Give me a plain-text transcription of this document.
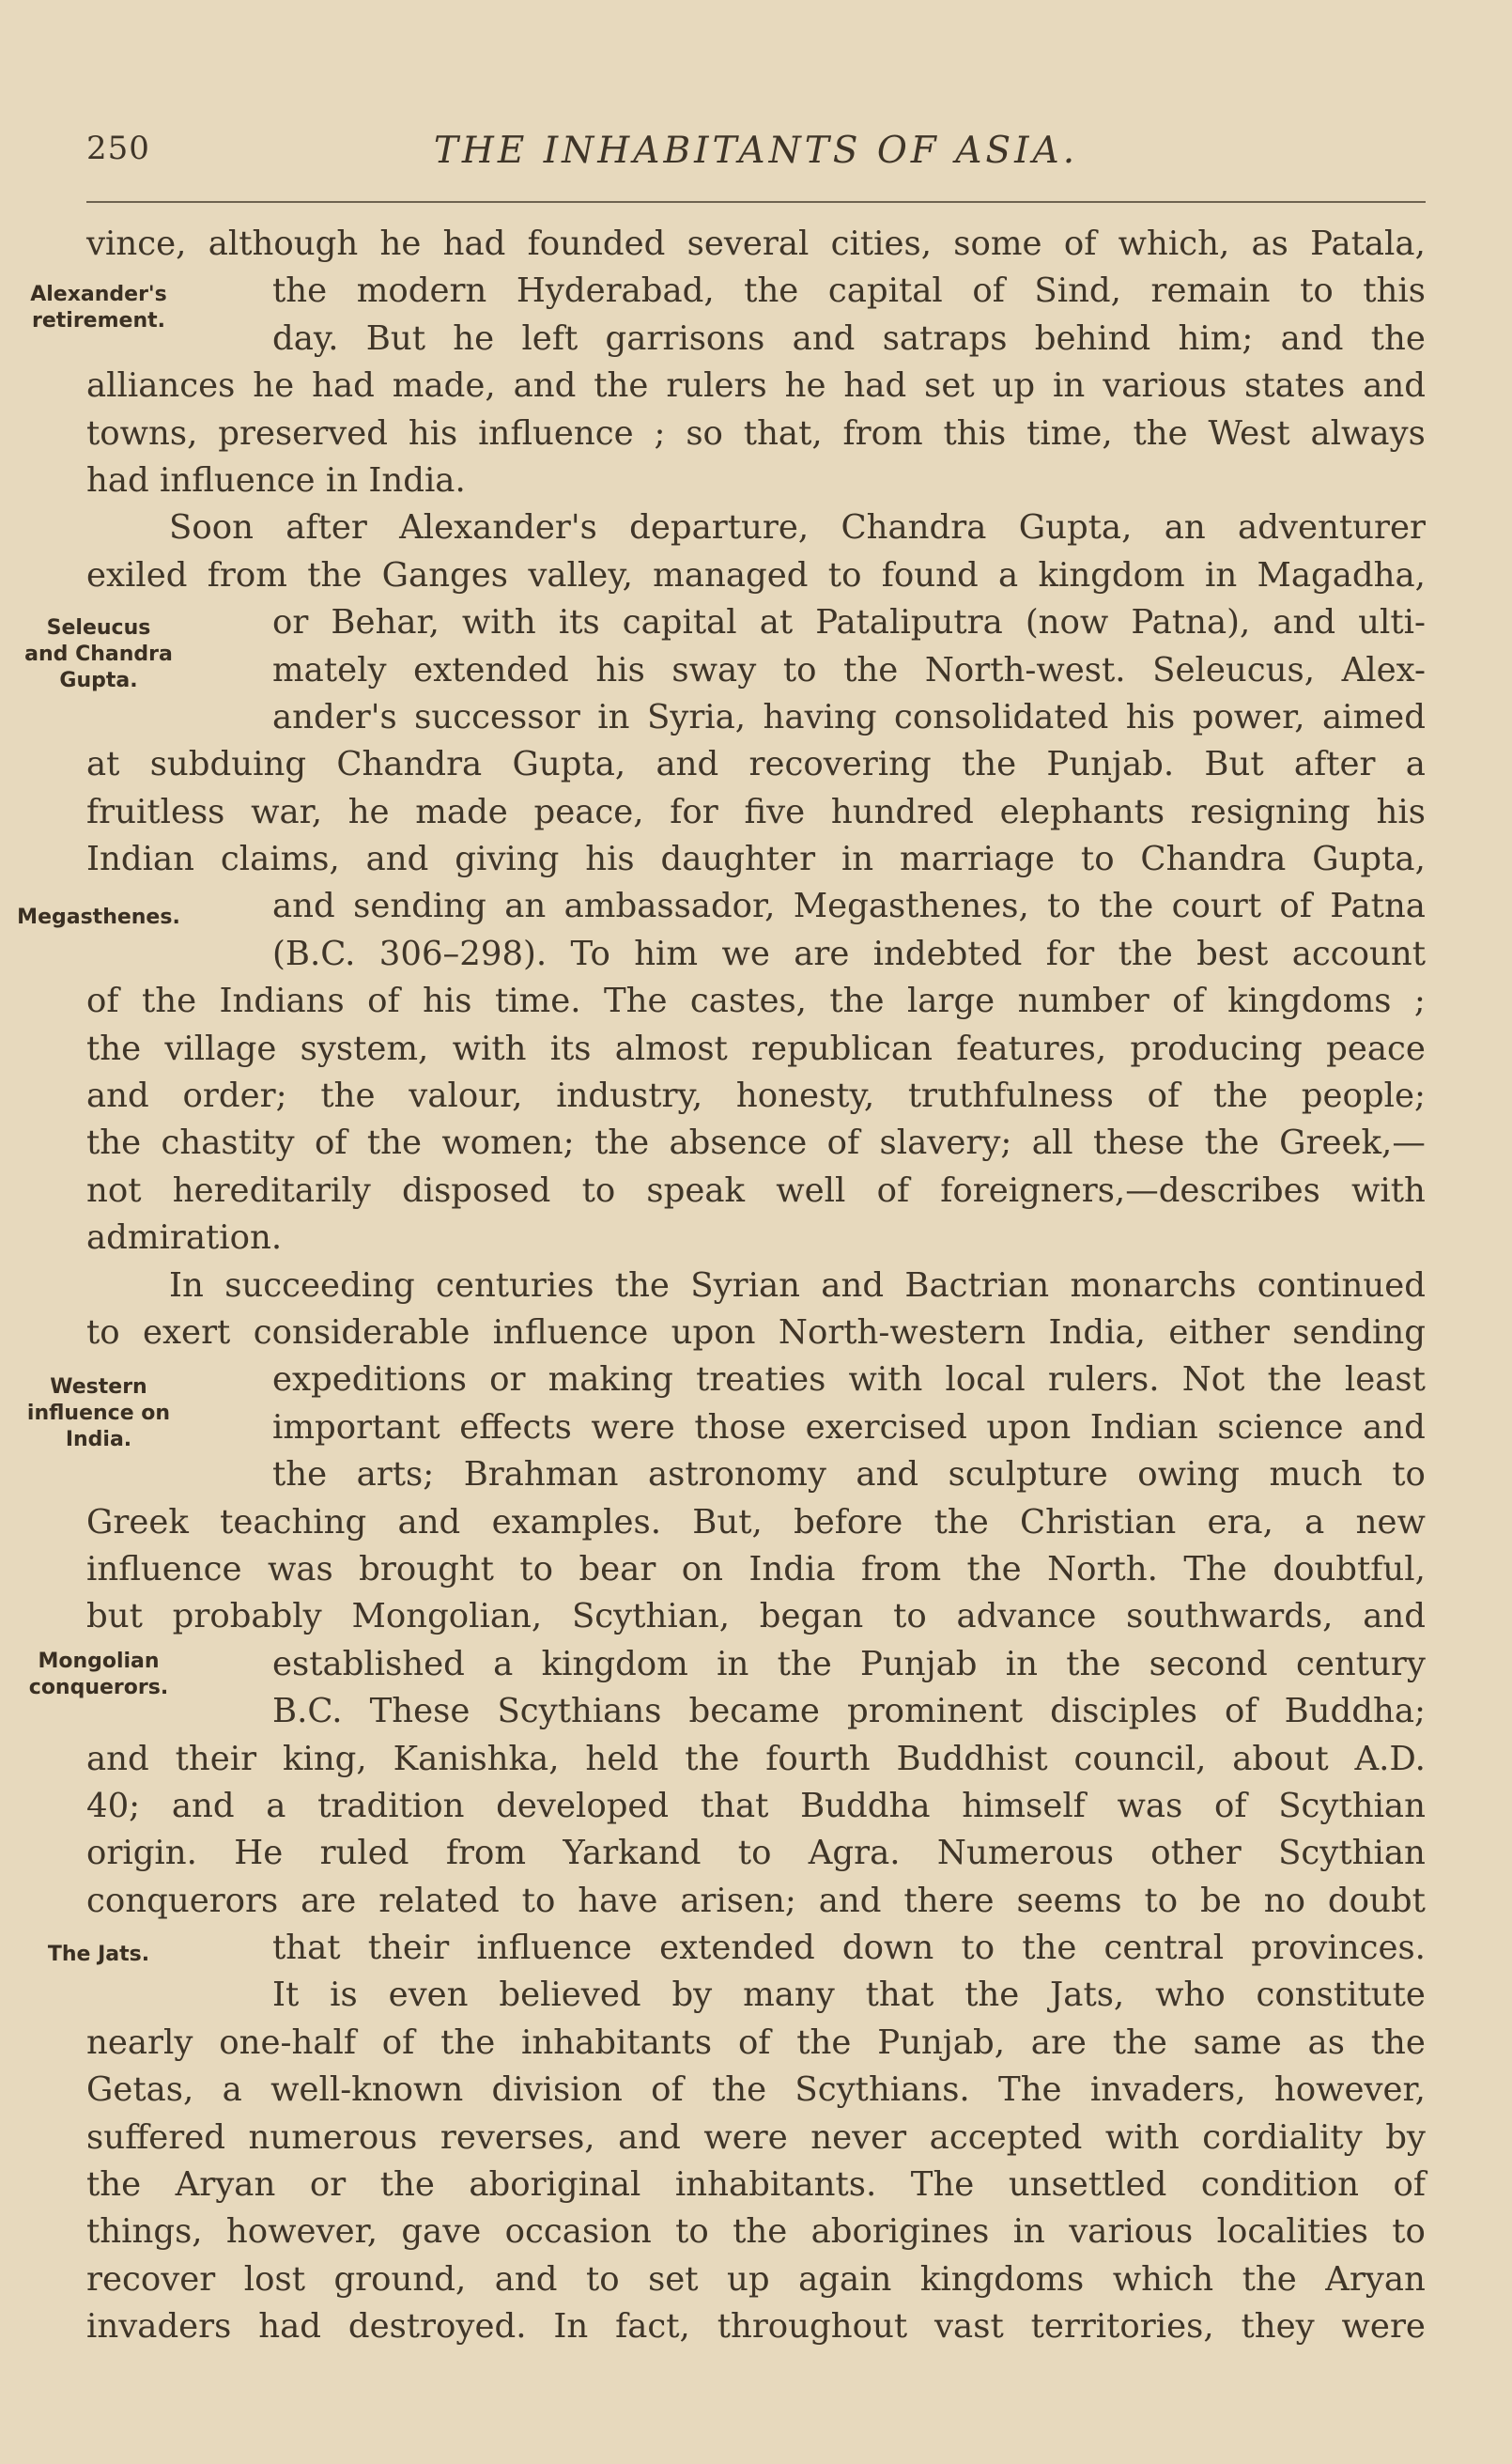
250	THE INHABITANTS OF ASIA.
vince, although he had founded several cities, some of which, as Patala,
the modern Hyderabad, the capital of Sind, remain to this
day. But he left garrisons and satraps behind him; and the
alliances he had made, and the rulers he had set up in various states and
towns, preserved his influence ; so that, from this time, the West always
had influence in India.
Soon after Alexander's departure, Chandra Gupta, an adventurer
exiled from the Ganges valley, managed to found a kingdom in Magadha,
or Behar, with its capital at Pataliputra (now Patna), and ulti-
mately extended his sway to the North-west. Seleucus, Alex-
ander's successor in Syria, having consolidated his power, aimed
at subduing Chandra Gupta, and recovering the Punjab. But after a
fruitless war, he made peace, for five hundred elephants resigning his
Indian claims, and giving his daughter in marriage to Chandra Gupta,
and sending an ambassador, Megasthenes, to the court of Patna
(B.C. 306–298). To him we are indebted for the best account
of the Indians of his time. The castes, the large number of kingdoms ;
the village system, with its almost republican features, producing peace
and order; the valour, industry, honesty, truthfulness of the people;
the chastity of the women; the absence of slavery; all these the Greek,—
not hereditarily disposed to speak well of foreigners,—describes with
admiration.
In succeeding centuries the Syrian and Bactrian monarchs continued
to exert considerable influence upon North-western India, either sending
expeditions or making treaties with local rulers. Not the least
important effects were those exercised upon Indian science and
the arts; Brahman astronomy and sculpture owing much to
Greek teaching and examples. But, before the Christian era, a new
influence was brought to bear on India from the North. The doubtful,
but probably Mongolian, Scythian, began to advance southwards, and
established a kingdom in the Punjab in the second century
B.C. These Scythians became prominent disciples of Buddha;
and their king, Kanishka, held the fourth Buddhist council, about A.D.
40; and a tradition developed that Buddha himself was of Scythian
origin. He ruled from Yarkand to Agra. Numerous other Scythian
conquerors are related to have arisen; and there seems to be no doubt
that their influence extended down to the central provinces.
It is even believed by many that the Jats, who constitute
nearly one-half of the inhabitants of the Punjab, are the same as the
Getas, a well-known division of the Scythians. The invaders, however,
suffered numerous reverses, and were never accepted with cordiality by
the Aryan or the aboriginal inhabitants. The unsettled condition of
things, however, gave occasion to the aborigines in various localities to
recover lost ground, and to set up again kingdoms which the Aryan
invaders had destroyed. In fact, throughout vast territories, they were
Alexander's
retirement.
Seleucus
and Chandra
Gupta.
Megasthenes.
Western
influence on
India.
Mongolian
conquerors.
The Jats.
